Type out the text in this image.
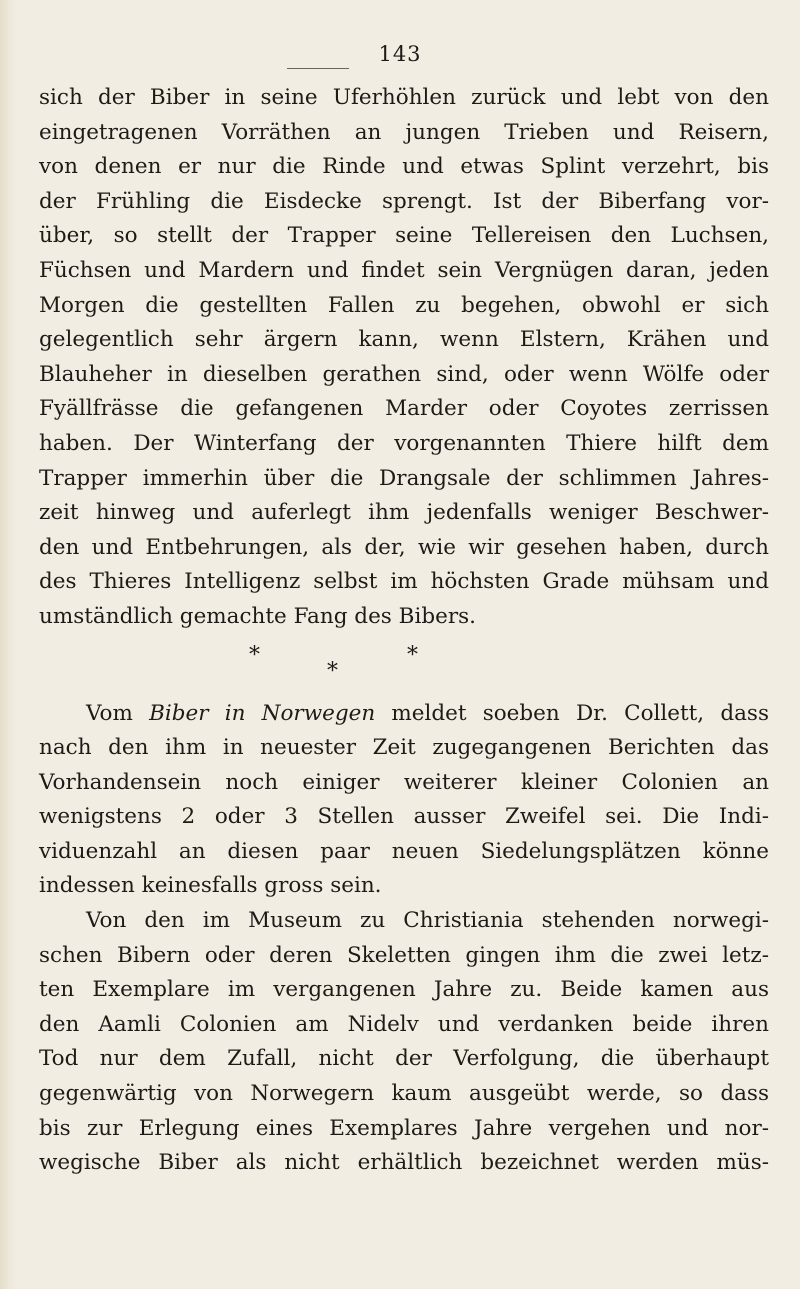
143
sich der Biber in seine Uferhöhlen zurück und lebt von den
eingetragenen Vorräthen an jungen Trieben und Reisern,
von denen er nur die Rinde und etwas Splint verzehrt, bis
der Frühling die Eisdecke sprengt. Ist der Biberfang vor-
über, so stellt der Trapper seine Tellereisen den Luchsen,
Füchsen und Mardern und findet sein Vergnügen daran, jeden
Morgen die gestellten Fallen zu begehen, obwohl er sich
gelegentlich sehr ärgern kann, wenn Elstern, Krähen und
Blauheher in dieselben gerathen sind, oder wenn Wölfe oder
Fyällfrässe die gefangenen Marder oder Coyotes zerrissen
haben. Der Winterfang der vorgenannten Thiere hilft dem
Trapper immerhin über die Drangsale der schlimmen Jahres-
zeit hinweg und auferlegt ihm jedenfalls weniger Beschwer-
den und Entbehrungen, als der, wie wir gesehen haben, durch
des Thieres Intelligenz selbst im höchsten Grade mühsam und
umständlich gemachte Fang des Bibers.
*
*
*
Vom Biber in Norwegen meldet soeben Dr. Collett, dass
nach den ihm in neuester Zeit zugegangenen Berichten das
Vorhandensein noch einiger weiterer kleiner Colonien an
wenigstens 2 oder 3 Stellen ausser Zweifel sei. Die Indi-
viduenzahl an diesen paar neuen Siedelungsplätzen könne
indessen keinesfalls gross sein.
Von den im Museum zu Christiania stehenden norwegi-
schen Bibern oder deren Skeletten gingen ihm die zwei letz-
ten Exemplare im vergangenen Jahre zu. Beide kamen aus
den Aamli Colonien am Nidelv und verdanken beide ihren
Tod nur dem Zufall, nicht der Verfolgung, die überhaupt
gegenwärtig von Norwegern kaum ausgeübt werde, so dass
bis zur Erlegung eines Exemplares Jahre vergehen und nor-
wegische Biber als nicht erhältlich bezeichnet werden müs-
